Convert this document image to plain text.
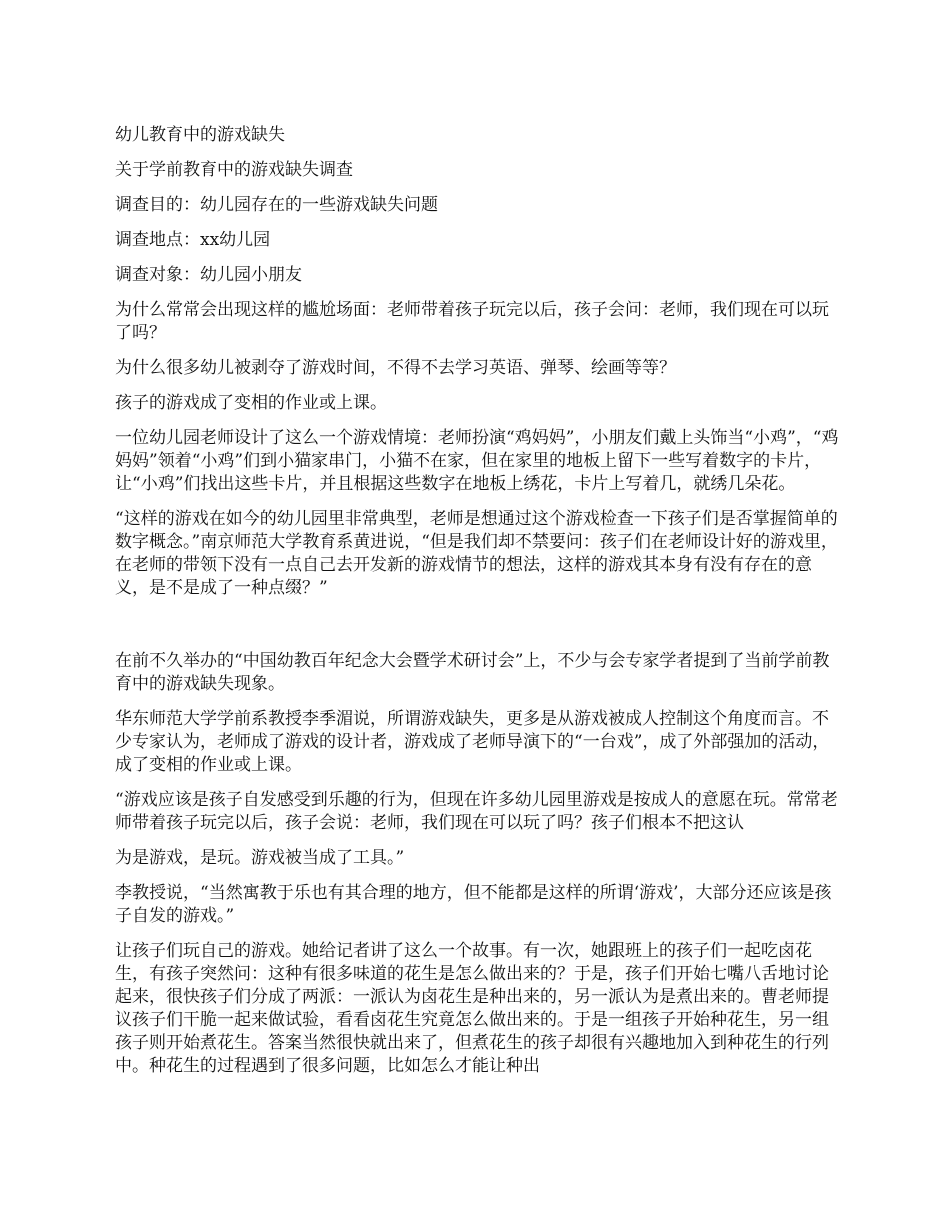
幼儿教育中的游戏缺失

关于学前教育中的游戏缺失调查

调查目的：幼儿园存在的一些游戏缺失问题

调查地点：xx幼儿园

调查对象：幼儿园小朋友

为什么常常会出现这样的尴尬场面：老师带着孩子玩完以后，孩子会问：老师，我们现在可以玩了吗？

为什么很多幼儿被剥夺了游戏时间，不得不去学习英语、弹琴、绘画等等？

孩子的游戏成了变相的作业或上课。

一位幼儿园老师设计了这么一个游戏情境：老师扮演“鸡妈妈”，小朋友们戴上头饰当“小鸡”，“鸡妈妈”领着“小鸡”们到小猫家串门，小猫不在家，但在家里的地板上留下一些写着数字的卡片，让“小鸡”们找出这些卡片，并且根据这些数字在地板上绣花，卡片上写着几，就绣几朵花。

“这样的游戏在如今的幼儿园里非常典型，老师是想通过这个游戏检查一下孩子们是否掌握简单的数字概念。”南京师范大学教育系黄进说，“但是我们却不禁要问：孩子们在老师设计好的游戏里，在老师的带领下没有一点自己去开发新的游戏情节的想法，这样的游戏其本身有没有存在的意义，是不是成了一种点缀？”

在前不久举办的“中国幼教百年纪念大会暨学术研讨会”上，不少与会专家学者提到了当前学前教育中的游戏缺失现象。

华东师范大学学前系教授李季湄说，所谓游戏缺失，更多是从游戏被成人控制这个角度而言。不少专家认为，老师成了游戏的设计者，游戏成了老师导演下的“一台戏”，成了外部强加的活动，成了变相的作业或上课。

“游戏应该是孩子自发感受到乐趣的行为，但现在许多幼儿园里游戏是按成人的意愿在玩。常常老师带着孩子玩完以后，孩子会说：老师，我们现在可以玩了吗？孩子们根本不把这认

为是游戏，是玩。游戏被当成了工具。”

李教授说，“当然寓教于乐也有其合理的地方，但不能都是这样的所谓‘游戏’，大部分还应该是孩子自发的游戏。”

让孩子们玩自己的游戏。她给记者讲了这么一个故事。有一次，她跟班上的孩子们一起吃卤花生，有孩子突然问：这种有很多味道的花生是怎么做出来的？于是，孩子们开始七嘴八舌地讨论起来，很快孩子们分成了两派：一派认为卤花生是种出来的，另一派认为是煮出来的。曹老师提议孩子们干脆一起来做试验，看看卤花生究竟怎么做出来的。于是一组孩子开始种花生，另一组孩子则开始煮花生。答案当然很快就出来了，但煮花生的孩子却很有兴趣地加入到种花生的行列中。种花生的过程遇到了很多问题，比如怎么才能让种出
